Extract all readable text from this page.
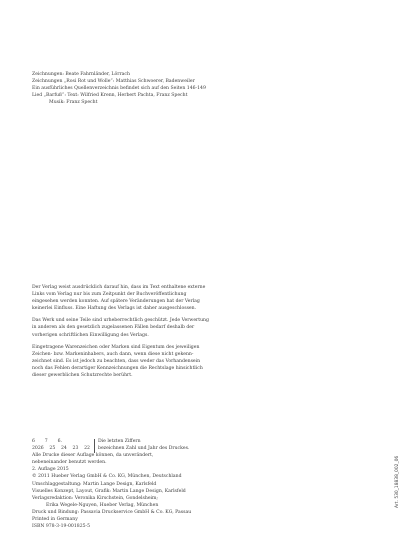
Zeichnungen: Beate Fahrnländer, Lörrach
Zeichnungen „Rosi Rot und Wolle“: Matthias Schwoerer, Badenweiler
Ein ausführliches Quellenverzeichnis befindet sich auf den Seiten 146-149
Lied „Barfuß“: Text: Wilfried Krenn, Herbert Pachta, Franz Specht
Musik: Franz Specht
Der Verlag weist ausdrücklich darauf hin, dass im Text enthaltene externe
Links vom Verlag nur bis zum Zeitpunkt der Buchveröffentlichung
eingesehen werden konnten. Auf spätere Veränderungen hat der Verlag
keinerlei Einfluss. Eine Haftung des Verlags ist daher ausgeschlossen.
Das Werk und seine Teile sind urheberrechtlich geschützt. Jede Verwertung
in anderen als den gesetzlich zugelassenen Fällen bedarf deshalb der
vorherigen schriftlichen Einwilligung des Verlags.
Eingetragene Warenzeichen oder Marken sind Eigentum des jeweiligen
Zeichen- bzw. Markeninhabers, auch dann, wenn diese nicht gekenn-
zeichnet sind. Es ist jedoch zu beachten, dass weder das Vorhandensein
noch das Fehlen derartiger Kennzeichnungen die Rechtslage hinsichtlich
dieser gewerblichen Schutzrechte berührt.
6 7 6.
2026 25 24 23 22
Die letzten Ziffern
bezeichnen Zahl und Jahr des Druckes.
Alle Drucke dieser Auflage können, da unverändert,
nebeneinander benutzt werden.
2. Auflage 2015
© 2011 Hueber Verlag GmbH & Co. KG, München, Deutschland
Umschlaggestaltung: Martin Lange Design, Karlsfeld
Visuelles Konzept, Layout, Grafik: Martin Lange Design, Karlsfeld
Verlagsredaktion: Veronika Kirschstein, Gondelsheim;
Erika Wegele-Nguyen, Hueber Verlag, München
Druck und Bindung: Passavia Druckservice GmbH & Co. KG, Passau
Printed in Germany
ISBN 978-3-19-001825-5
Art. 530_18838_002_06
